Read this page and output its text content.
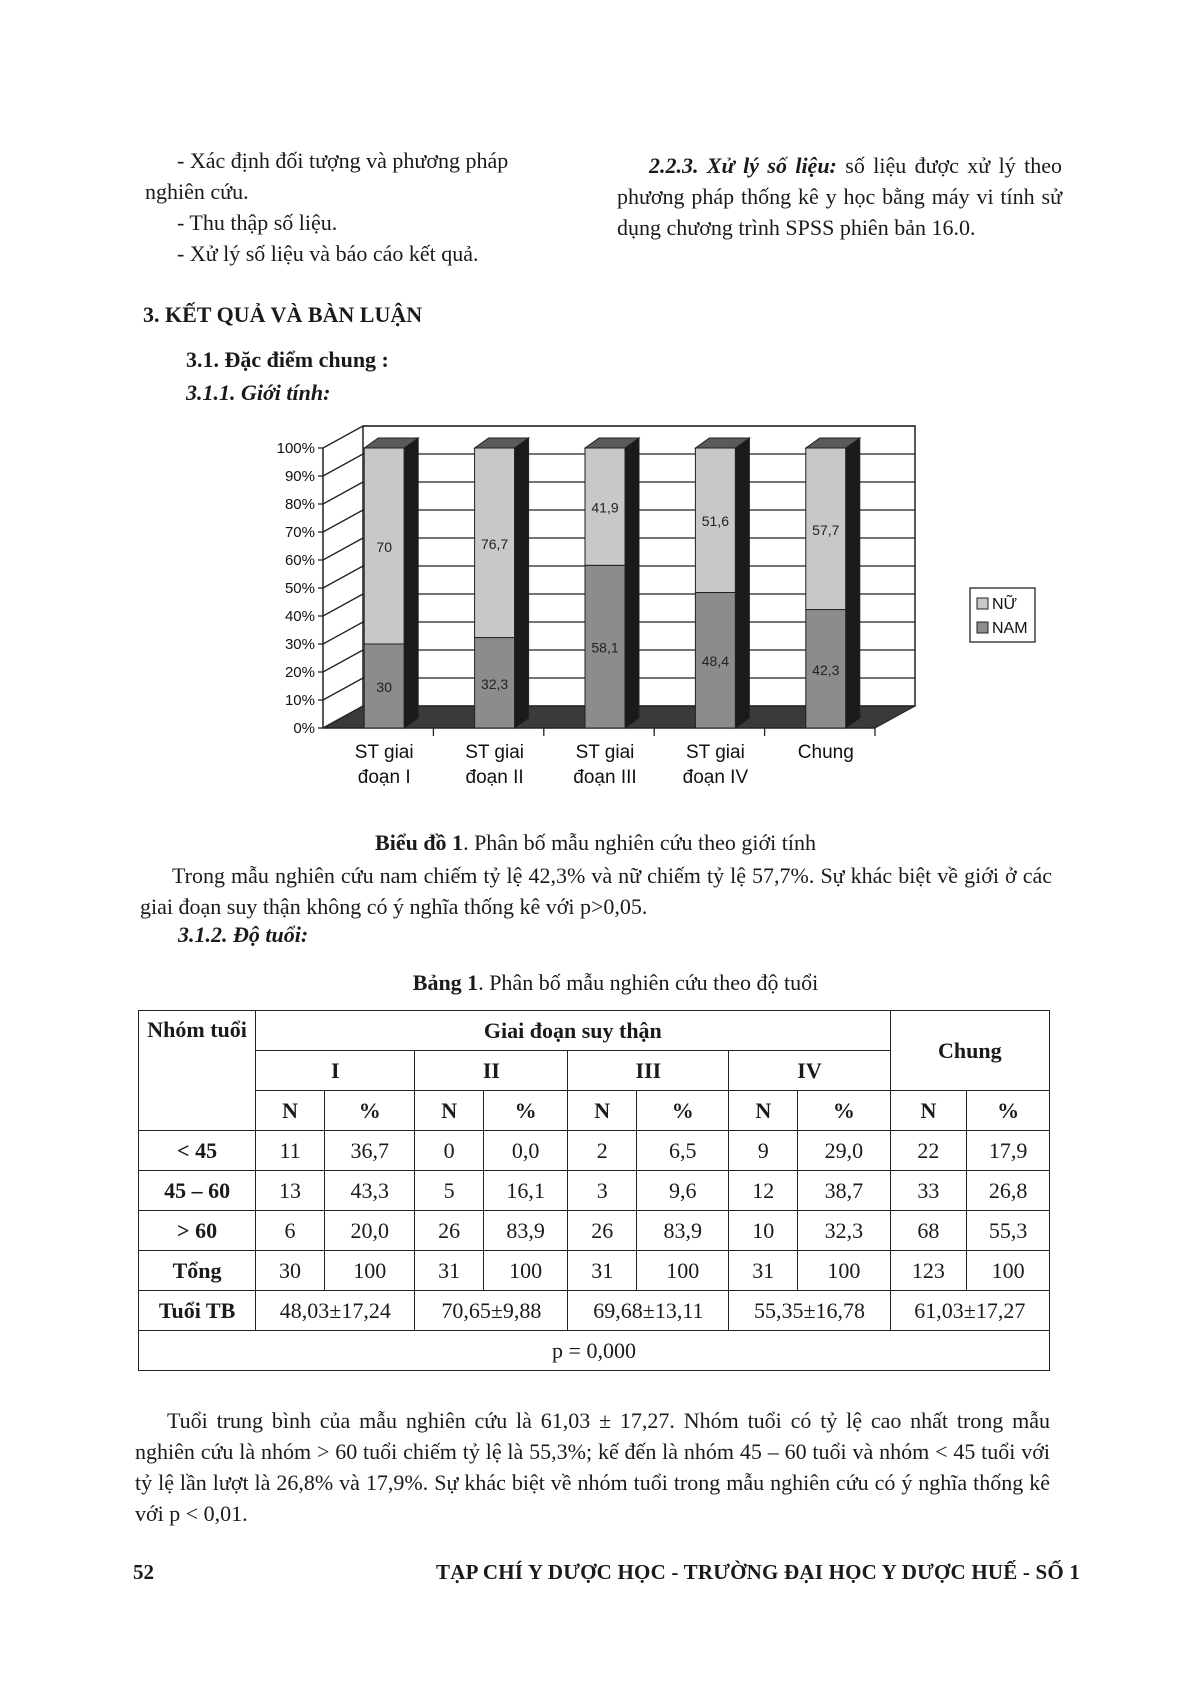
- Xác định đối tượng và phương pháp
nghiên cứu.
- Thu thập số liệu.
- Xử lý số liệu và báo cáo kết quả.
2.2.3. Xử lý số liệu: số liệu được xử lý theo phương pháp thống kê y học bằng máy vi tính sử dụng chương trình SPSS phiên bản 16.0.
3. KẾT QUẢ VÀ BÀN LUẬN
3.1. Đặc điểm chung :
3.1.1. Giới tính:
0%
10%
20%
30%
40%
50%
60%
70%
80%
90%
100%
30
70
ST giai
đoạn I
32,3
76,7
ST giai
đoạn II
58,1
41,9
ST giai
đoạn III
48,4
51,6
ST giai
đoạn IV
42,3
57,7
Chung
NỮ
NAM
Biểu đồ 1. Phân bố mẫu nghiên cứu theo giới tính
Trong mẫu nghiên cứu nam chiếm tỷ lệ 42,3% và nữ chiếm tỷ lệ 57,7%. Sự khác biệt về giới ở các giai đoạn suy thận không có ý nghĩa thống kê với p>0,05.
3.1.2. Độ tuổi:
Bảng 1. Phân bố mẫu nghiên cứu theo độ tuổi
Nhóm tuổi	Giai đoạn suy thận								Chung	
	I		II		III		IV			
	N	%	N	%	N	%	N	%	N	%
< 45	11	36,7	0	0,0	2	6,5	9	29,0	22	17,9
45 – 60	13	43,3	5	16,1	3	9,6	12	38,7	33	26,8
> 60	6	20,0	26	83,9	26	83,9	10	32,3	68	55,3
Tổng	30	100	31	100	31	100	31	100	123	100
Tuổi TB	48,03±17,24		70,65±9,88		69,68±13,11		55,35±16,78		61,03±17,27	
p = 0,000										
Tuổi trung bình của mẫu nghiên cứu là 61,03 ± 17,27. Nhóm tuổi có tỷ lệ cao nhất trong mẫu nghiên cứu là nhóm > 60 tuổi chiếm tỷ lệ là 55,3%; kế đến là nhóm 45 – 60 tuổi và nhóm < 45 tuổi với tỷ lệ lần lượt là 26,8% và 17,9%. Sự khác biệt về nhóm tuổi trong mẫu nghiên cứu có ý nghĩa thống kê với p < 0,01.
52	TẠP CHÍ Y DƯỢC HỌC - TRƯỜNG ĐẠI HỌC Y DƯỢC HUẾ - SỐ 1
